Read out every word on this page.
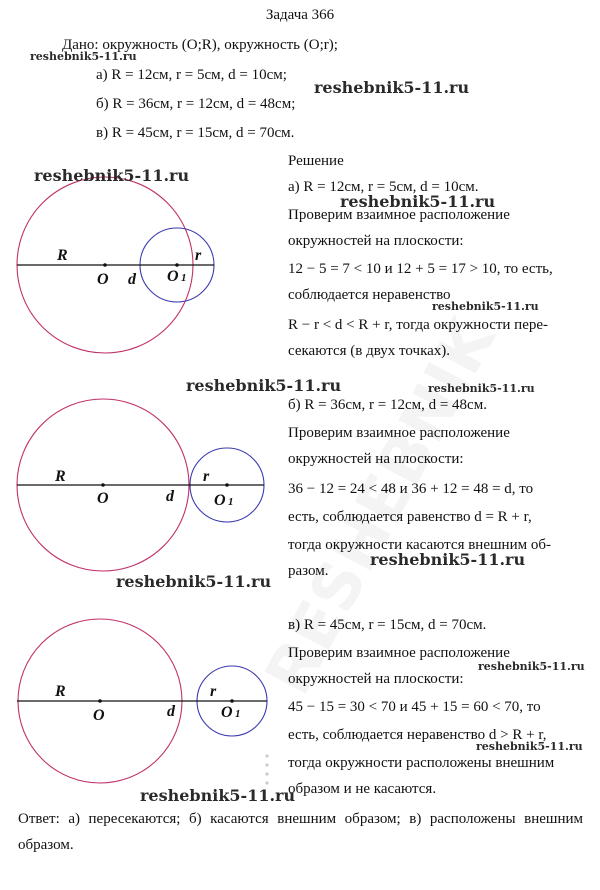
Задача 366
Дано: окружность (O;R), окружность (O;r);
а) R = 12см, r = 5см, d = 10см;
б) R = 36см, r = 12см, d = 48см;
в) R = 45см, r = 15см, d = 70см.
Решение
а) R = 12см, r = 5см, d = 10см.
Проверим взаимное расположение
окружностей на плоскости:
12 − 5 = 7 < 10 и 12 + 5 = 17 > 10, то есть,
соблюдается неравенство
R − r < d < R + r, тогда окружности пере-
секаются (в двух точках).
б) R = 36см, r = 12см, d = 48см.
Проверим взаимное расположение
окружностей на плоскости:
36 − 12 = 24 < 48 и 36 + 12 = 48 = d, то
есть, соблюдается равенство d = R + r,
тогда окружности касаются внешним об-
разом.
в) R = 45см, r = 15см, d = 70см.
Проверим взаимное расположение
окружностей на плоскости:
45 − 15 = 30 < 70 и 45 + 15 = 60 < 70, то
есть, соблюдается неравенство d > R + r,
тогда окружности расположены внешним
образом и не касаются.
Ответ: а) пересекаются; б) касаются внешним образом; в) расположены внешним образом.
R
O d O 1
r
R
O	d	O 1
r
R
O	d	O 1
r
reshebnik5-11.ru
reshebnik5-11.ru
reshebnik5-11.ru
reshebnik5-11.ru
reshebnik5-11.ru
reshebnik5-11.ru	reshebnik5-11.ru
reshebnik5-11.ru
reshebnik5-11.ru
reshebnik5-11.ru
reshebnik5-11.ru
reshebnik5-11.ru
